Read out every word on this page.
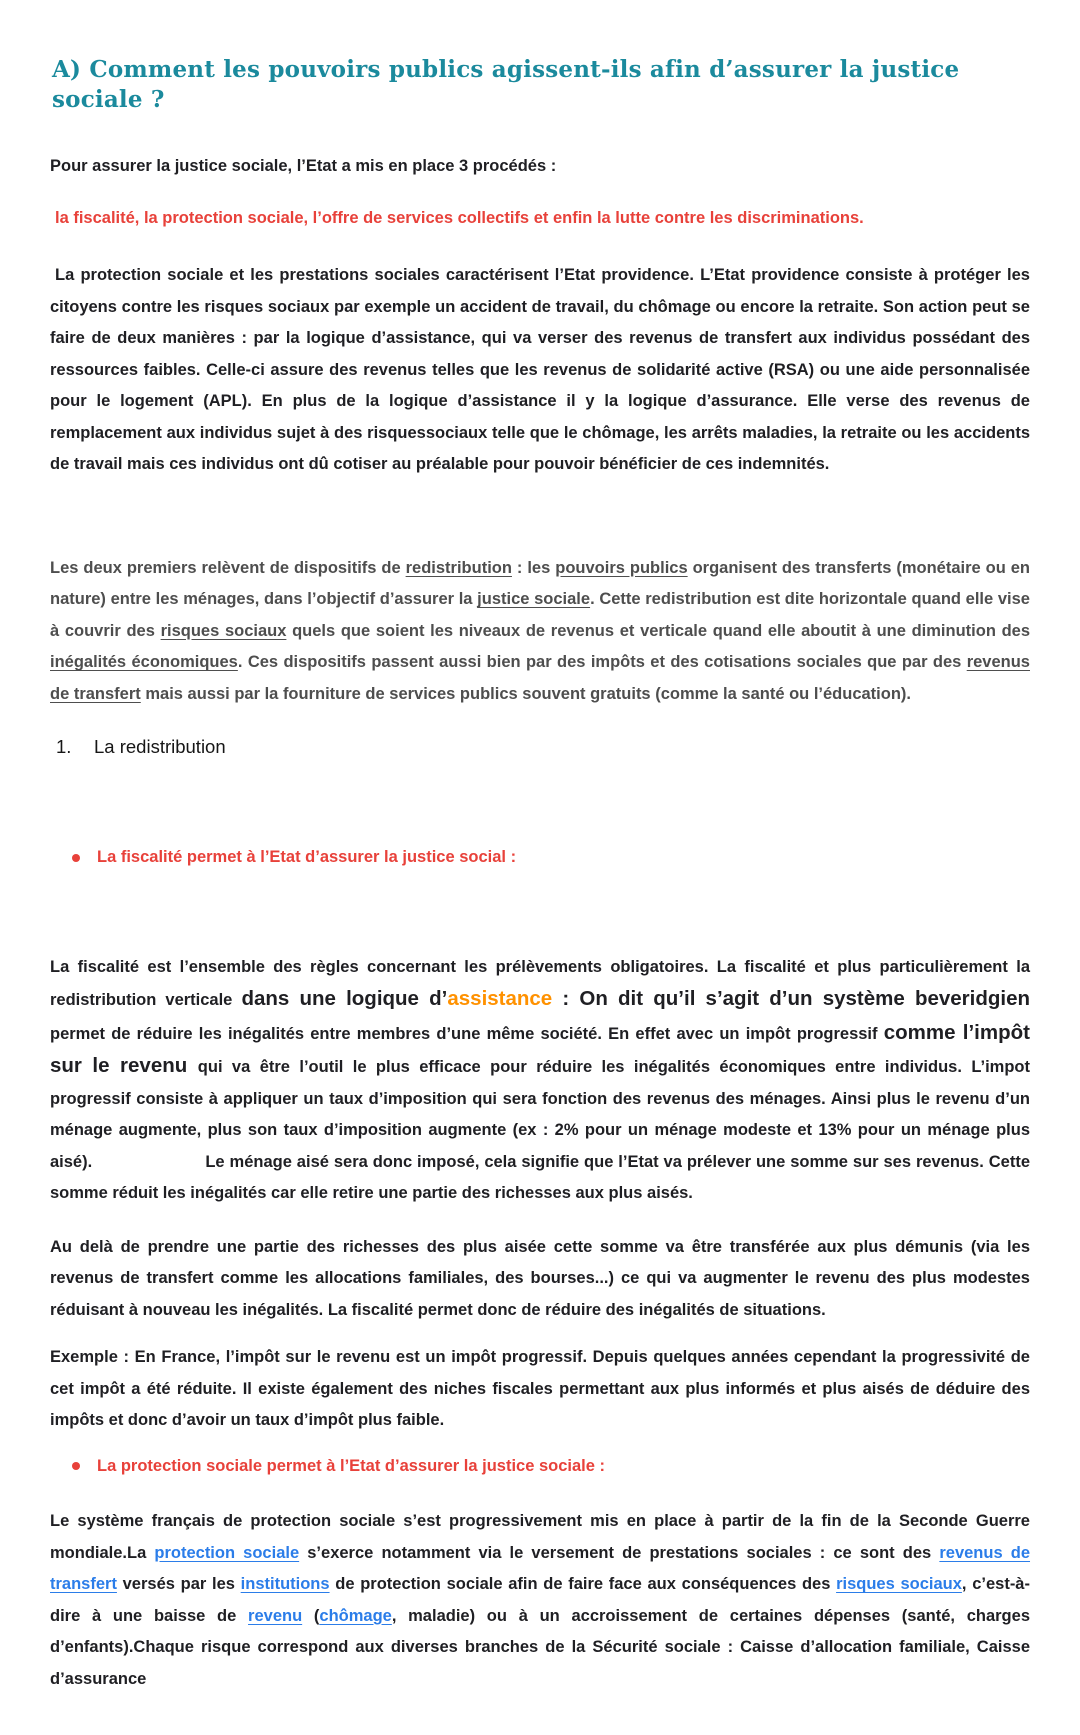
A) Comment les pouvoirs publics agissent-ils afin d’assurer la justice sociale ?

Pour assurer la justice sociale, l’Etat a mis en place 3 procédés :

la fiscalité, la protection sociale, l’offre de services collectifs et enfin la lutte contre les discriminations.

La protection sociale et les prestations sociales caractérisent l’Etat providence. L’Etat providence consiste à protéger les citoyens contre les risques sociaux par exemple un accident de travail, du chômage ou encore la retraite. Son action peut se faire de deux manières : par la logique d’assistance, qui va verser des revenus de transfert aux individus possédant des ressources faibles. Celle-ci assure des revenus telles que les revenus de solidarité active (RSA) ou une aide personnalisée pour le logement (APL). En plus de la logique d’assistance il y la logique d’assurance. Elle verse des revenus de remplacement aux individus sujet à des risquessociaux telle que le chômage, les arrêts maladies, la retraite ou les accidents de travail mais ces individus ont dû cotiser au préalable pour pouvoir bénéficier de ces indemnités.

Les deux premiers relèvent de dispositifs de redistribution : les pouvoirs publics organisent des transferts (monétaire ou en nature) entre les ménages, dans l’objectif d’assurer la justice sociale. Cette redistribution est dite horizontale quand elle vise à couvrir des risques sociaux quels que soient les niveaux de revenus et verticale quand elle aboutit à une diminution des inégalités économiques. Ces dispositifs passent aussi bien par des impôts et des cotisations sociales que par des revenus de transfert mais aussi par la fourniture de services publics souvent gratuits (comme la santé ou l’éducation).

1.	La redistribution

La fiscalité permet à l’Etat d’assurer la justice social :

La fiscalité est l’ensemble des règles concernant les prélèvements obligatoires. La fiscalité et plus particulièrement la redistribution verticale dans une logique d’assistance : On dit qu’il s’agit d’un système beveridgien permet de réduire les inégalités entre membres d’une même société. En effet avec un impôt progressif comme l’impôt sur le revenu qui va être l’outil le plus efficace pour réduire les inégalités économiques entre individus. L’impot progressif consiste à appliquer un taux d’imposition qui sera fonction des revenus des ménages. Ainsi plus le revenu d’un ménage augmente, plus son taux d’imposition augmente (ex : 2% pour un ménage modeste et 13% pour un ménage plus aisé).                       Le ménage aisé sera donc imposé, cela signifie que l’Etat va prélever une somme sur ses revenus. Cette somme réduit les inégalités car elle retire une partie des richesses aux plus aisés.

Au delà de prendre une partie des richesses des plus aisée cette somme va être transférée aux plus démunis (via les revenus de transfert comme les allocations familiales, des bourses...) ce qui va augmenter le revenu des plus modestes réduisant à nouveau les inégalités. La fiscalité permet donc de réduire des inégalités de situations.

Exemple : En France, l’impôt sur le revenu est un impôt progressif. Depuis quelques années cependant la progressivité de cet impôt a été réduite. Il existe également des niches fiscales permettant aux plus informés et plus aisés de déduire des impôts et donc d’avoir un taux d’impôt plus faible.

La protection sociale permet à l’Etat d’assurer la justice sociale :

Le système français de protection sociale s’est progressivement mis en place à partir de la fin de la Seconde Guerre mondiale.La protection sociale s’exerce notamment via le versement de prestations sociales : ce sont des revenus de transfert versés par les institutions de protection sociale afin de faire face aux conséquences des risques sociaux, c’est-à-dire à une baisse de revenu (chômage, maladie) ou à un accroissement de certaines dépenses (santé, charges d’enfants).Chaque risque correspond aux diverses branches de la Sécurité sociale : Caisse d’allocation familiale, Caisse d’assurance
